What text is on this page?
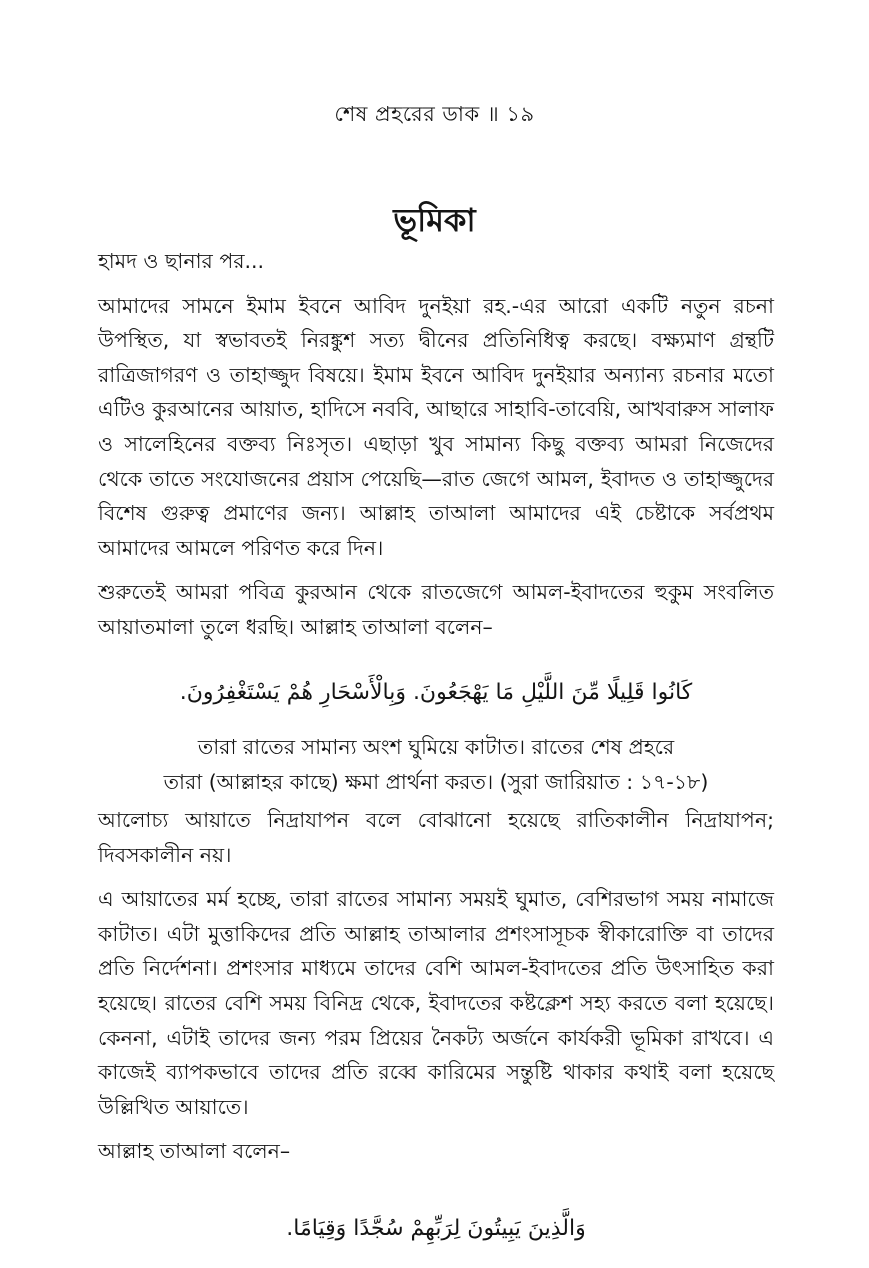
শেষ প্রহরের ডাক ॥ ১৯
ভূমিকা

হামদ ও ছানার পর...

আমাদের সামনে ইমাম ইবনে আবিদ দুনইয়া রহ.-এর আরো একটি নতুন রচনা উপস্থিত, যা স্বভাবতই নিরঙ্কুশ সত্য দ্বীনের প্রতিনিধিত্ব করছে। বক্ষ্যমাণ গ্রন্থটি রাত্রিজাগরণ ও তাহাজ্জুদ বিষয়ে। ইমাম ইবনে আবিদ দুনইয়ার অন্যান্য রচনার মতো এটিও কুরআনের আয়াত, হাদিসে নববি, আছারে সাহাবি-তাবেয়ি, আখবারুস সালাফ ও সালেহিনের বক্তব্য নিঃসৃত। এছাড়া খুব সামান্য কিছু বক্তব্য আমরা নিজেদের থেকে তাতে সংযোজনের প্রয়াস পেয়েছি—রাত জেগে আমল, ইবাদত ও তাহাজ্জুদের বিশেষ গুরুত্ব প্রমাণের জন্য। আল্লাহ তাআলা আমাদের এই চেষ্টাকে সর্বপ্রথম আমাদের আমলে পরিণত করে দিন।

শুরুতেই আমরা পবিত্র কুরআন থেকে রাতজেগে আমল-ইবাদতের হুকুম সংবলিত আয়াতমালা তুলে ধরছি। আল্লাহ তাআলা বলেন–

كَانُوا قَلِيلًا مِّنَ اللَّيْلِ مَا يَهْجَعُونَ. وَبِالْأَسْحَارِ هُمْ يَسْتَغْفِرُونَ.
তারা রাতের সামান্য অংশ ঘুমিয়ে কাটাত। রাতের শেষ প্রহরে
তারা (আল্লাহর কাছে) ক্ষমা প্রার্থনা করত। (সুরা জারিয়াত : ১৭-১৮)

আলোচ্য আয়াতে নিদ্রাযাপন বলে বোঝানো হয়েছে রাতিকালীন নিদ্রাযাপন; দিবসকালীন নয়।

এ আয়াতের মর্ম হচ্ছে, তারা রাতের সামান্য সময়ই ঘুমাত, বেশিরভাগ সময় নামাজে কাটাত। এটা মুত্তাকিদের প্রতি আল্লাহ তাআলার প্রশংসাসূচক স্বীকারোক্তি বা তাদের প্রতি নির্দেশনা। প্রশংসার মাধ্যমে তাদের বেশি আমল-ইবাদতের প্রতি উৎসাহিত করা হয়েছে। রাতের বেশি সময় বিনিদ্র থেকে, ইবাদতের কষ্টক্লেশ সহ্য করতে বলা হয়েছে। কেননা, এটাই তাদের জন্য পরম প্রিয়ের নৈকট্য অর্জনে কার্যকরী ভূমিকা রাখবে। এ কাজেই ব্যাপকভাবে তাদের প্রতি রব্বে কারিমের সন্তুষ্টি থাকার কথাই বলা হয়েছে উল্লিখিত আয়াতে।

আল্লাহ তাআলা বলেন–

وَالَّذِينَ يَبِيتُونَ لِرَبِّهِمْ سُجَّدًا وَقِيَامًا.
